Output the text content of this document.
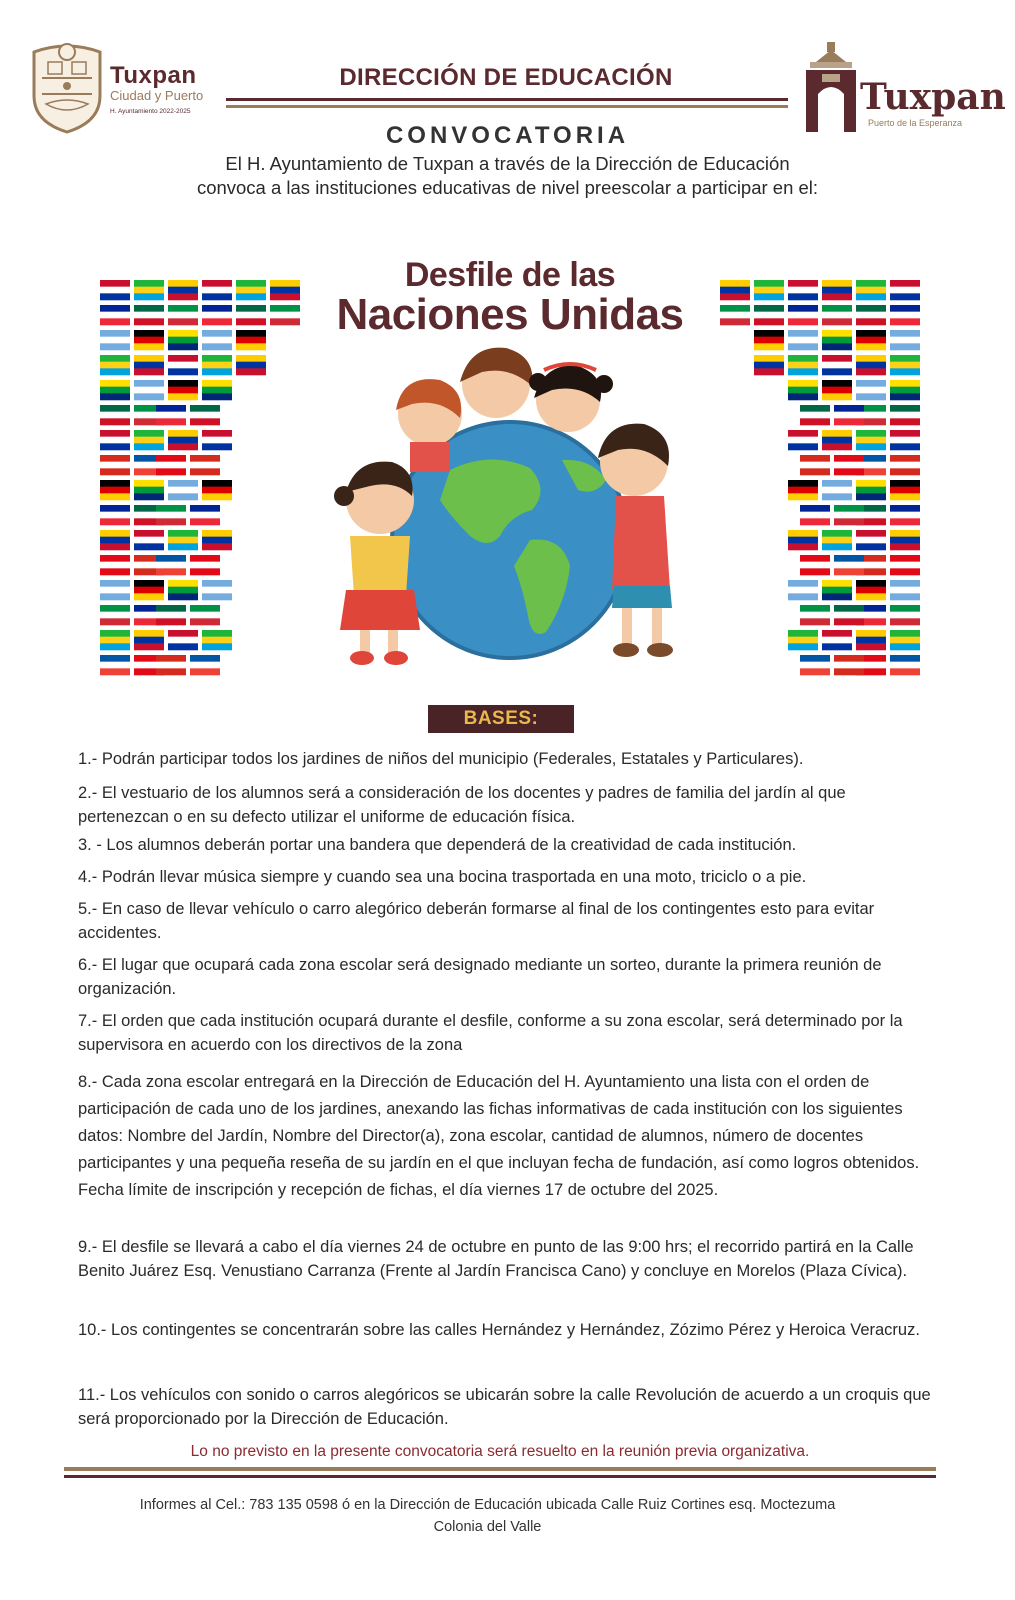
Tuxpan
Ciudad y Puerto
H. Ayuntamiento 2022-2025
DIRECCIÓN DE EDUCACIÓN	Tuxpan
Puerto de la Esperanza
CONVOCATORIA
El H. Ayuntamiento de Tuxpan a través de la Dirección de Educación
convoca a las instituciones educativas de nivel preescolar a participar en el:
Desfile de las
Naciones Unidas
BASES:
1.- Podrán participar todos los jardines de niños del municipio (Federales, Estatales y Particulares).
2.- El vestuario de los alumnos será a consideración de los docentes y padres de familia del jardín al que pertenezcan o en su defecto utilizar el uniforme de educación física.
3. - Los alumnos deberán portar una bandera que dependerá de la creatividad de cada institución.
4.- Podrán llevar música siempre y cuando sea una bocina trasportada en una moto, triciclo o a pie.
5.- En caso de llevar vehículo o carro alegórico deberán formarse al final de los contingentes esto para evitar accidentes.
6.- El lugar que ocupará cada zona escolar será designado mediante un sorteo, durante la primera reunión de organización.
7.- El orden que cada institución ocupará durante el desfile, conforme a su zona escolar, será determinado por la supervisora en acuerdo con los directivos de la zona
8.- Cada zona escolar entregará en la Dirección de Educación del H. Ayuntamiento una lista con el orden de participación de cada uno de los jardines, anexando las fichas informativas de cada institución con los siguientes datos: Nombre del Jardín, Nombre del Director(a), zona escolar, cantidad de alumnos, número de docentes participantes y una pequeña reseña de su jardín en el que incluyan fecha de fundación, así como logros obtenidos. Fecha límite de inscripción y recepción de fichas, el día viernes 17 de octubre del 2025.
9.- El desfile se llevará a cabo el día viernes 24 de octubre en punto de las 9:00 hrs; el recorrido partirá en la Calle Benito Juárez Esq. Venustiano Carranza (Frente al Jardín Francisca Cano) y concluye en Morelos (Plaza Cívica).
10.- Los contingentes se concentrarán sobre las calles Hernández y Hernández, Zózimo Pérez y Heroica Veracruz.
11.- Los vehículos con sonido o carros alegóricos se ubicarán sobre la calle Revolución de acuerdo a un croquis que será proporcionado por la Dirección de Educación.
Lo no previsto en la presente convocatoria será resuelto en la reunión previa organizativa.
Informes al Cel.: 783 135 0598 ó en la Dirección de Educación ubicada Calle Ruiz Cortines esq. Moctezuma
Colonia del Valle
